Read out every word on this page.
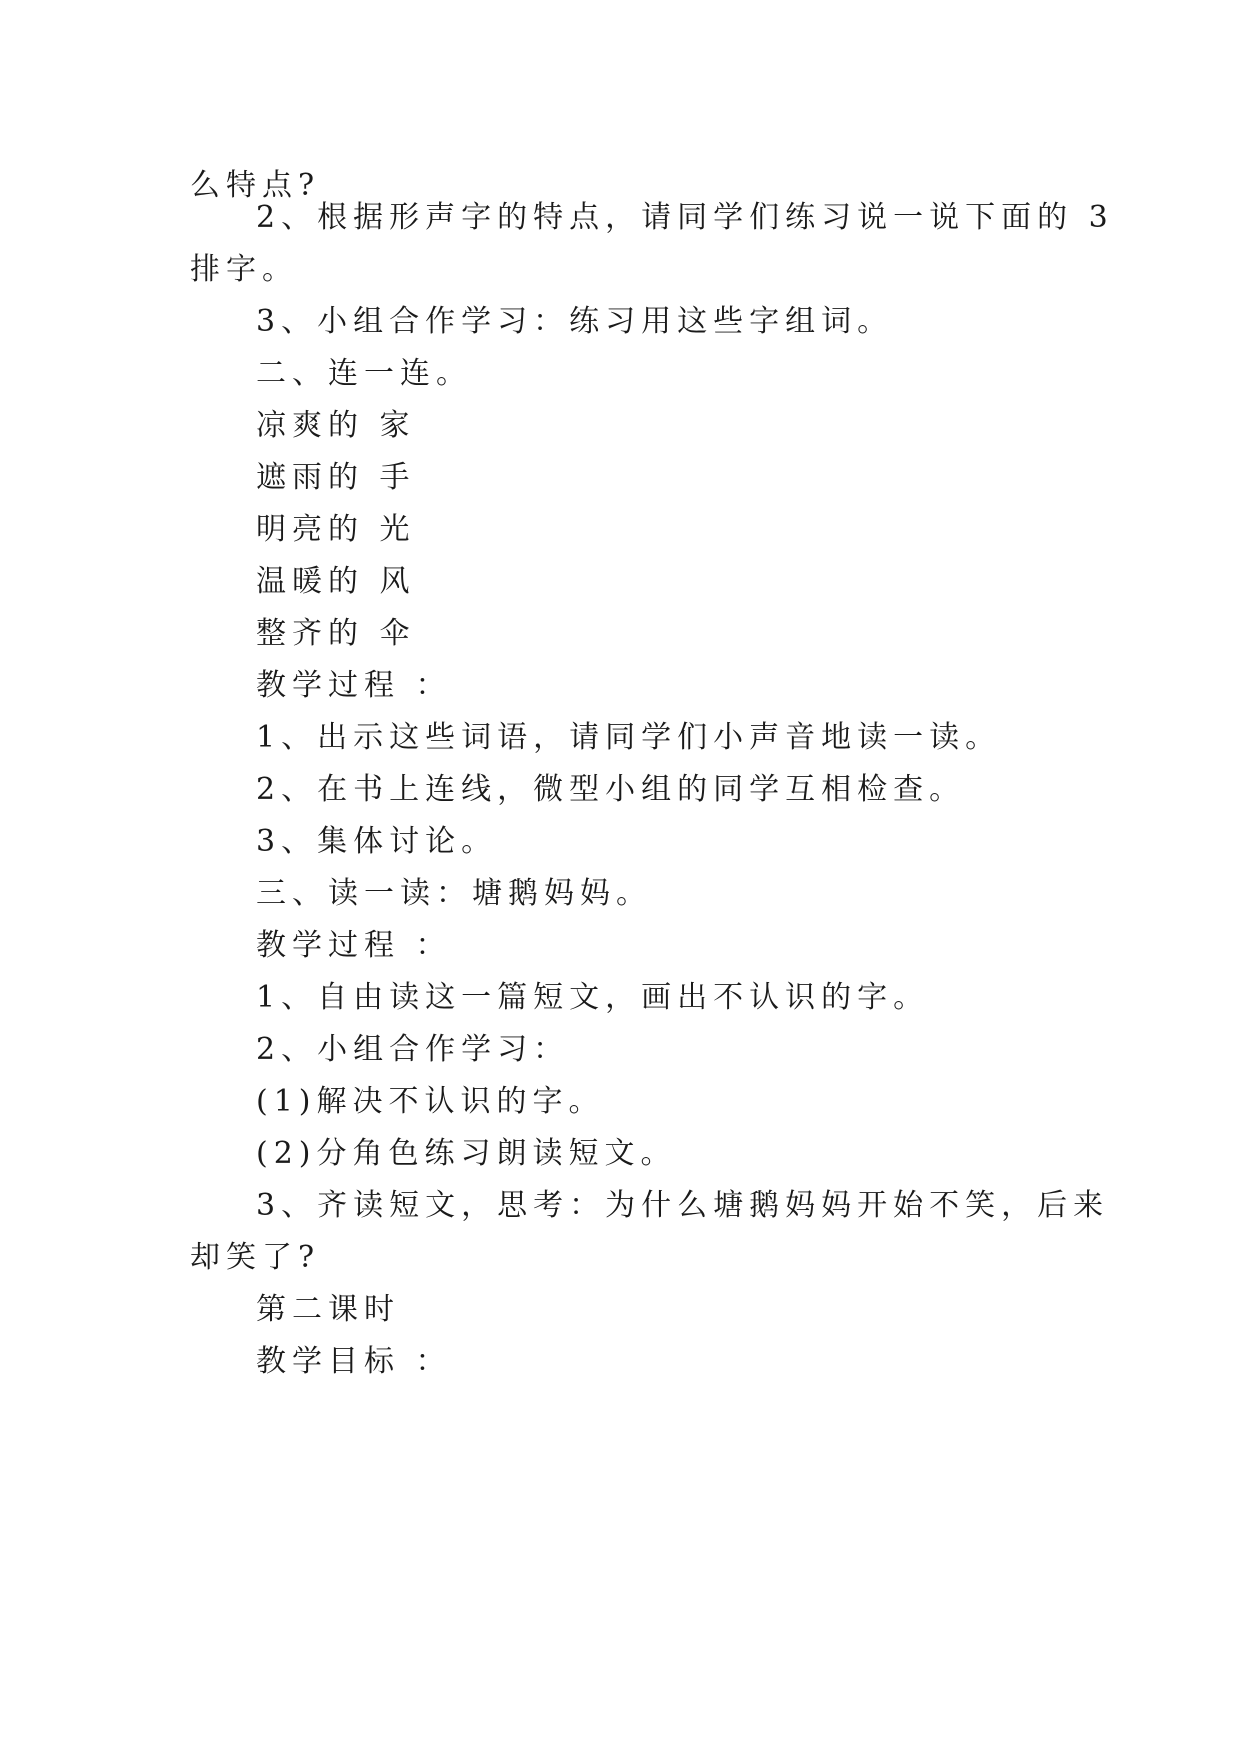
么特点?

2、根据形声字的特点，请同学们练习说一说下面的 3

排字。

3、小组合作学习：练习用这些字组词。

二、连一连。

凉爽的 家

遮雨的 手

明亮的 光

温暖的 风

整齐的 伞

教学过程 ：

1、出示这些词语，请同学们小声音地读一读。

2、在书上连线，微型小组的同学互相检查。

3、集体讨论。

三、读一读：塘鹅妈妈。

教学过程 ：

1、自由读这一篇短文，画出不认识的字。

2、小组合作学习：

(1)解决不认识的字。

(2)分角色练习朗读短文。

3、齐读短文，思考：为什么塘鹅妈妈开始不笑，后来

却笑了?

第二课时

教学目标 ：
